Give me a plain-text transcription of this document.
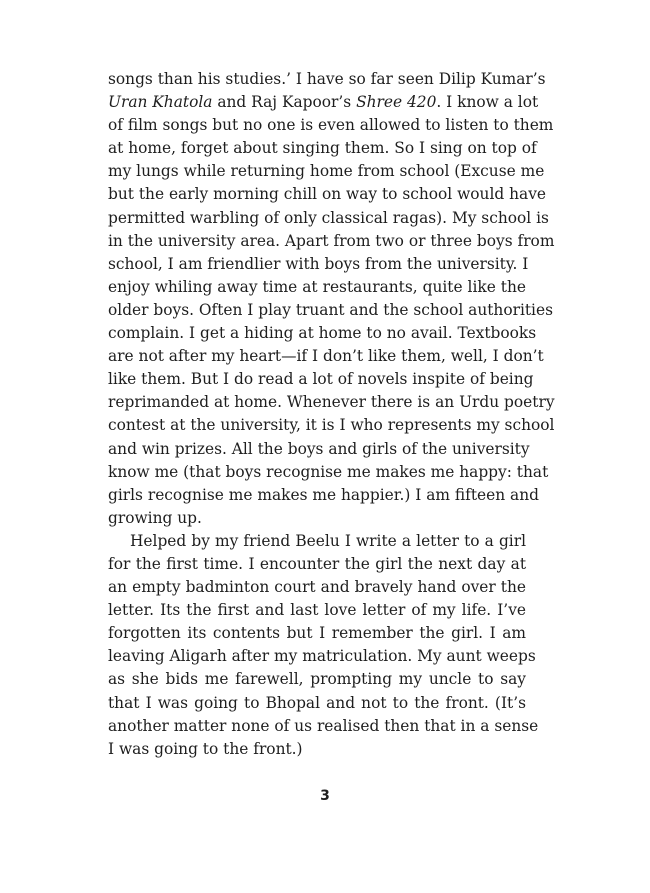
songs than his studies.’ I have so far seen Dilip Kumar’s
Uran Khatola and Raj Kapoor’s Shree 420. I know a lot
of film songs but no one is even allowed to listen to them
at home, forget about singing them. So I sing on top of
my lungs while returning home from school (Excuse me
but the early morning chill on way to school would have
permitted warbling of only classical ragas). My school is
in the university area. Apart from two or three boys from
school, I am friendlier with boys from the university. I
enjoy whiling away time at restaurants, quite like the
older boys. Often I play truant and the school authorities
complain. I get a hiding at home to no avail. Textbooks
are not after my heart—if I don’t like them, well, I don’t
like them. But I do read a lot of novels inspite of being
reprimanded at home. Whenever there is an Urdu poetry
contest at the university, it is I who represents my school
and win prizes. All the boys and girls of the university
know me (that boys recognise me makes me happy: that
girls recognise me makes me happier.) I am fifteen and
growing up.
Helped by my friend Beelu I write a letter to a girl
for the first time. I encounter the girl the next day at
an empty badminton court and bravely hand over the
letter. Its the first and last love letter of my life. I’ve
forgotten its contents but I remember the girl. I am
leaving Aligarh after my matriculation. My aunt weeps
as she bids me farewell, prompting my uncle to say
that I was going to Bhopal and not to the front. (It’s
another matter none of us realised then that in a sense
I was going to the front.)
3
